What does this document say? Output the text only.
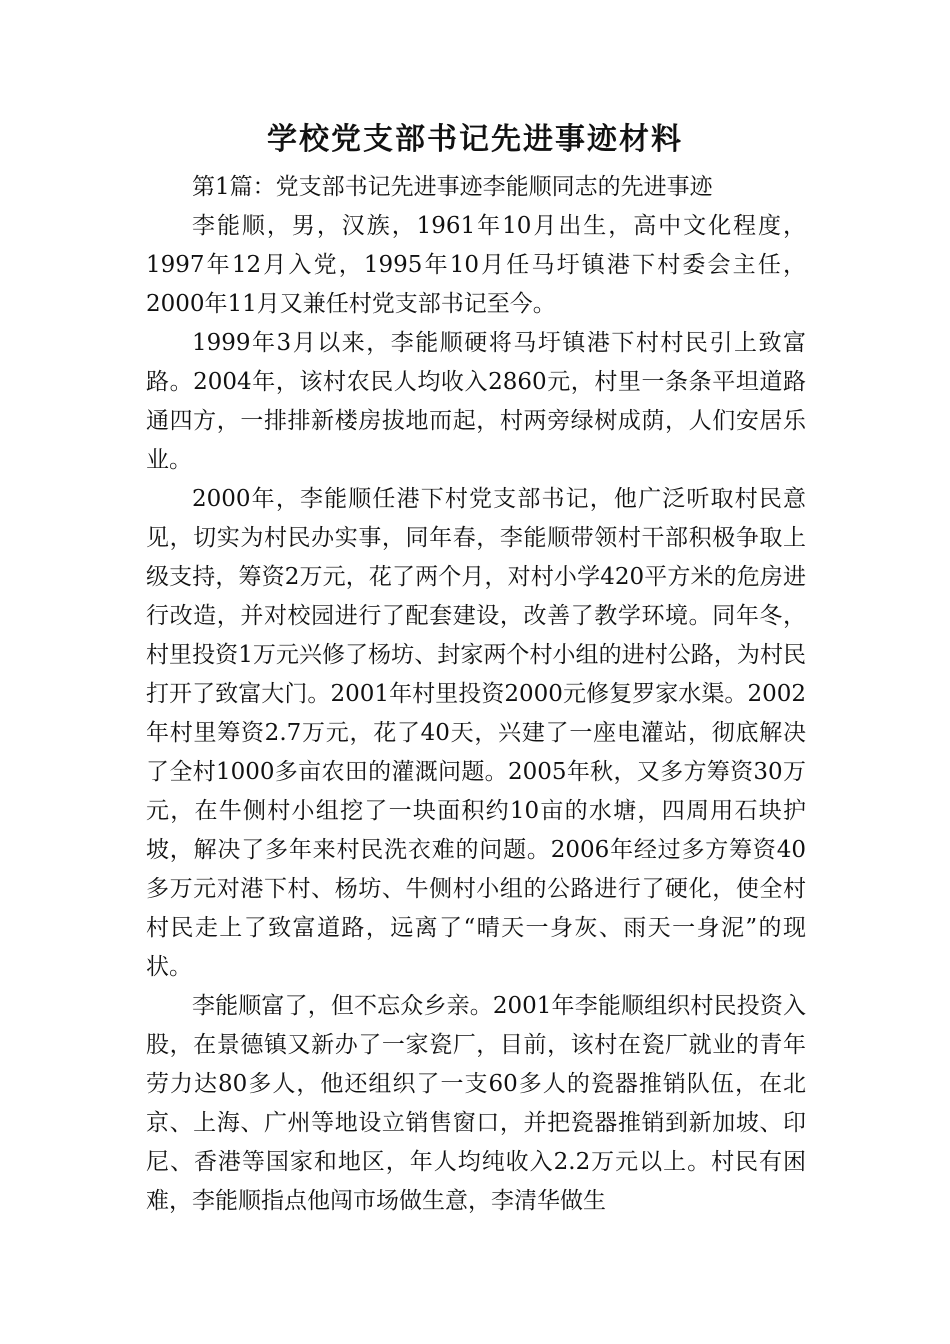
学校党支部书记先进事迹材料

第1篇：党支部书记先进事迹李能顺同志的先进事迹

李能顺，男，汉族，1961年10月出生，高中文化程度，1997年12月入党，1995年10月任马圩镇港下村委会主任，2000年11月又兼任村党支部书记至今。

1999年3月以来，李能顺硬将马圩镇港下村村民引上致富路。2004年，该村农民人均收入2860元，村里一条条平坦道路通四方，一排排新楼房拔地而起，村两旁绿树成荫，人们安居乐业。

2000年，李能顺任港下村党支部书记，他广泛听取村民意见，切实为村民办实事，同年春，李能顺带领村干部积极争取上级支持，筹资2万元，花了两个月，对村小学420平方米的危房进行改造，并对校园进行了配套建设，改善了教学环境。同年冬，村里投资1万元兴修了杨坊、封家两个村小组的进村公路，为村民打开了致富大门。2001年村里投资2000元修复罗家水渠。2002年村里筹资2.7万元，花了40天，兴建了一座电灌站，彻底解决了全村1000多亩农田的灌溉问题。2005年秋，又多方筹资30万元，在牛侧村小组挖了一块面积约10亩的水塘，四周用石块护坡，解决了多年来村民洗衣难的问题。2006年经过多方筹资40多万元对港下村、杨坊、牛侧村小组的公路进行了硬化，使全村村民走上了致富道路，远离了“晴天一身灰、雨天一身泥”的现状。

李能顺富了，但不忘众乡亲。2001年李能顺组织村民投资入股，在景德镇又新办了一家瓷厂，目前，该村在瓷厂就业的青年劳力达80多人，他还组织了一支60多人的瓷器推销队伍，在北京、上海、广州等地设立销售窗口，并把瓷器推销到新加坡、印尼、香港等国家和地区，年人均纯收入2.2万元以上。村民有困难，李能顺指点他闯市场做生意，李清华做生
